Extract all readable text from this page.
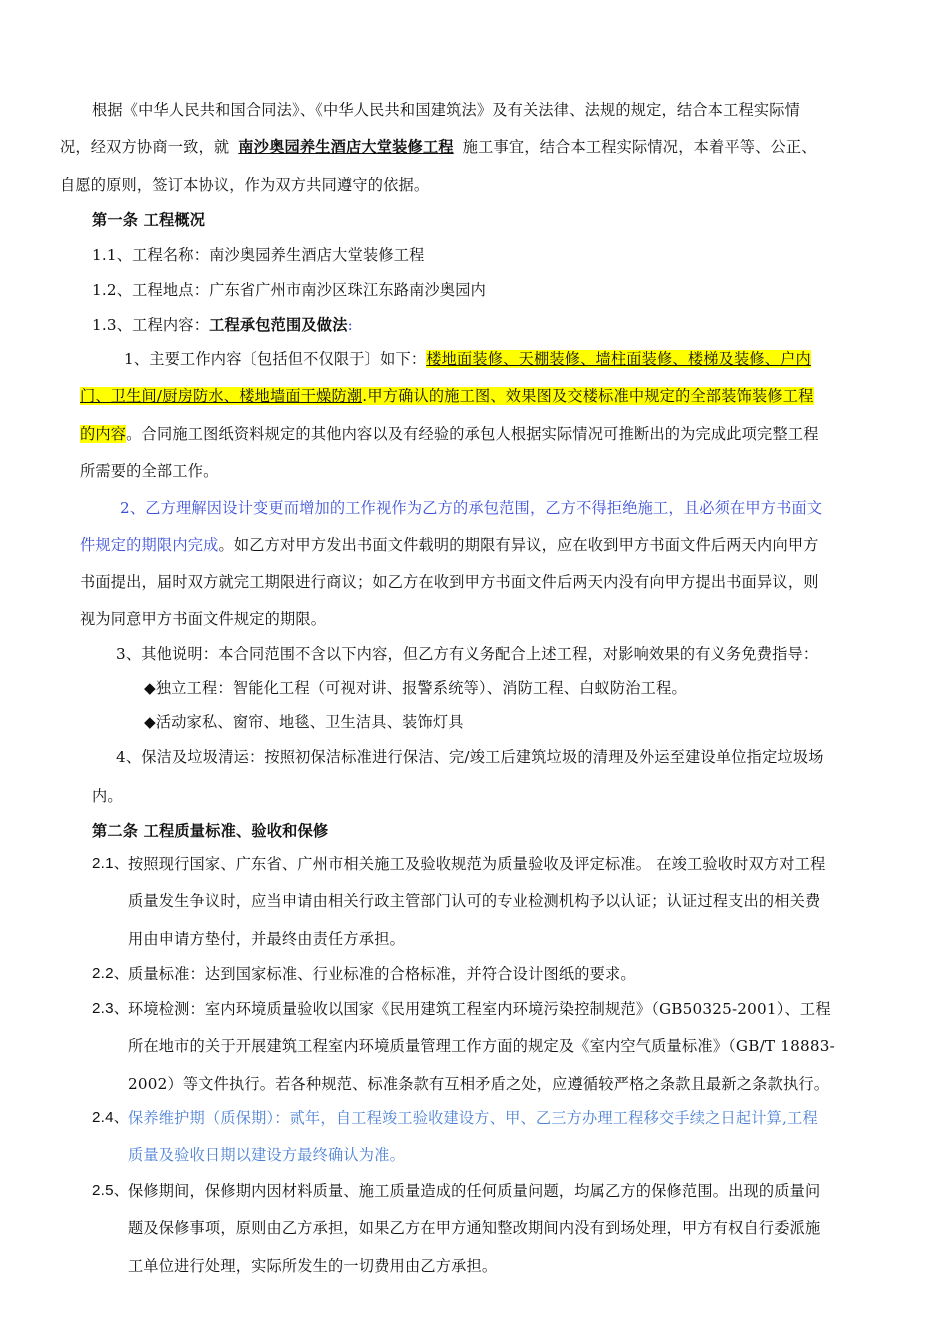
根据《中华人民共和国合同法》、《中华人民共和国建筑法》及有关法律、法规的规定，结合本工程实际情
况，经双方协商一致，就 南沙奥园养生酒店大堂装修工程 施工事宜，结合本工程实际情况，本着平等、公正、
自愿的原则，签订本协议，作为双方共同遵守的依据。
第一条 工程概况
1.1、工程名称：南沙奥园养生酒店大堂装修工程
1.2、工程地点：广东省广州市南沙区珠江东路南沙奥园内
1.3、工程内容：工程承包范围及做法:
1、主要工作内容〔包括但不仅限于〕如下：楼地面装修、天棚装修、墙柱面装修、楼梯及装修、户内
门、卫生间/厨房防水、楼地墙面干燥防潮.甲方确认的施工图、效果图及交楼标准中规定的全部装饰装修工程
的内容。合同施工图纸资料规定的其他内容以及有经验的承包人根据实际情况可推断出的为完成此项完整工程
所需要的全部工作。
2、乙方理解因设计变更而增加的工作视作为乙方的承包范围，乙方不得拒绝施工，且必须在甲方书面文
件规定的期限内完成。如乙方对甲方发出书面文件载明的期限有异议，应在收到甲方书面文件后两天内向甲方
书面提出，届时双方就完工期限进行商议；如乙方在收到甲方书面文件后两天内没有向甲方提出书面异议，则
视为同意甲方书面文件规定的期限。
3、其他说明：本合同范围不含以下内容，但乙方有义务配合上述工程，对影响效果的有义务免费指导：
◆独立工程：智能化工程（可视对讲、报警系统等）、消防工程、白蚁防治工程。
◆活动家私、窗帘、地毯、卫生洁具、装饰灯具
4、保洁及垃圾清运：按照初保洁标准进行保洁、完/竣工后建筑垃圾的清理及外运至建设单位指定垃圾场
内。
第二条 工程质量标准、验收和保修
2.1、
按照现行国家、广东省、广州市相关施工及验收规范为质量验收及评定标准。 在竣工验收时双方对工程
质量发生争议时，应当申请由相关行政主管部门认可的专业检测机构予以认证；认证过程支出的相关费
用由申请方垫付，并最终由责任方承担。
2.2、
质量标准：达到国家标准、行业标准的合格标准，并符合设计图纸的要求。
2.3、
环境检测：室内环境质量验收以国家《民用建筑工程室内环境污染控制规范》（GB50325-2001）、工程
所在地市的关于开展建筑工程室内环境质量管理工作方面的规定及《室内空气质量标准》（GB/T 18883-
2002）等文件执行。若各种规范、标准条款有互相矛盾之处，应遵循较严格之条款且最新之条款执行。
2.4、
保养维护期（质保期）：贰年，自工程竣工验收建设方、甲、乙三方办理工程移交手续之日起计算,工程
质量及验收日期以建设方最终确认为准。
2.5、
保修期间，保修期内因材料质量、施工质量造成的任何质量问题，均属乙方的保修范围。出现的质量问
题及保修事项，原则由乙方承担，如果乙方在甲方通知整改期间内没有到场处理，甲方有权自行委派施
工单位进行处理，实际所发生的一切费用由乙方承担。
